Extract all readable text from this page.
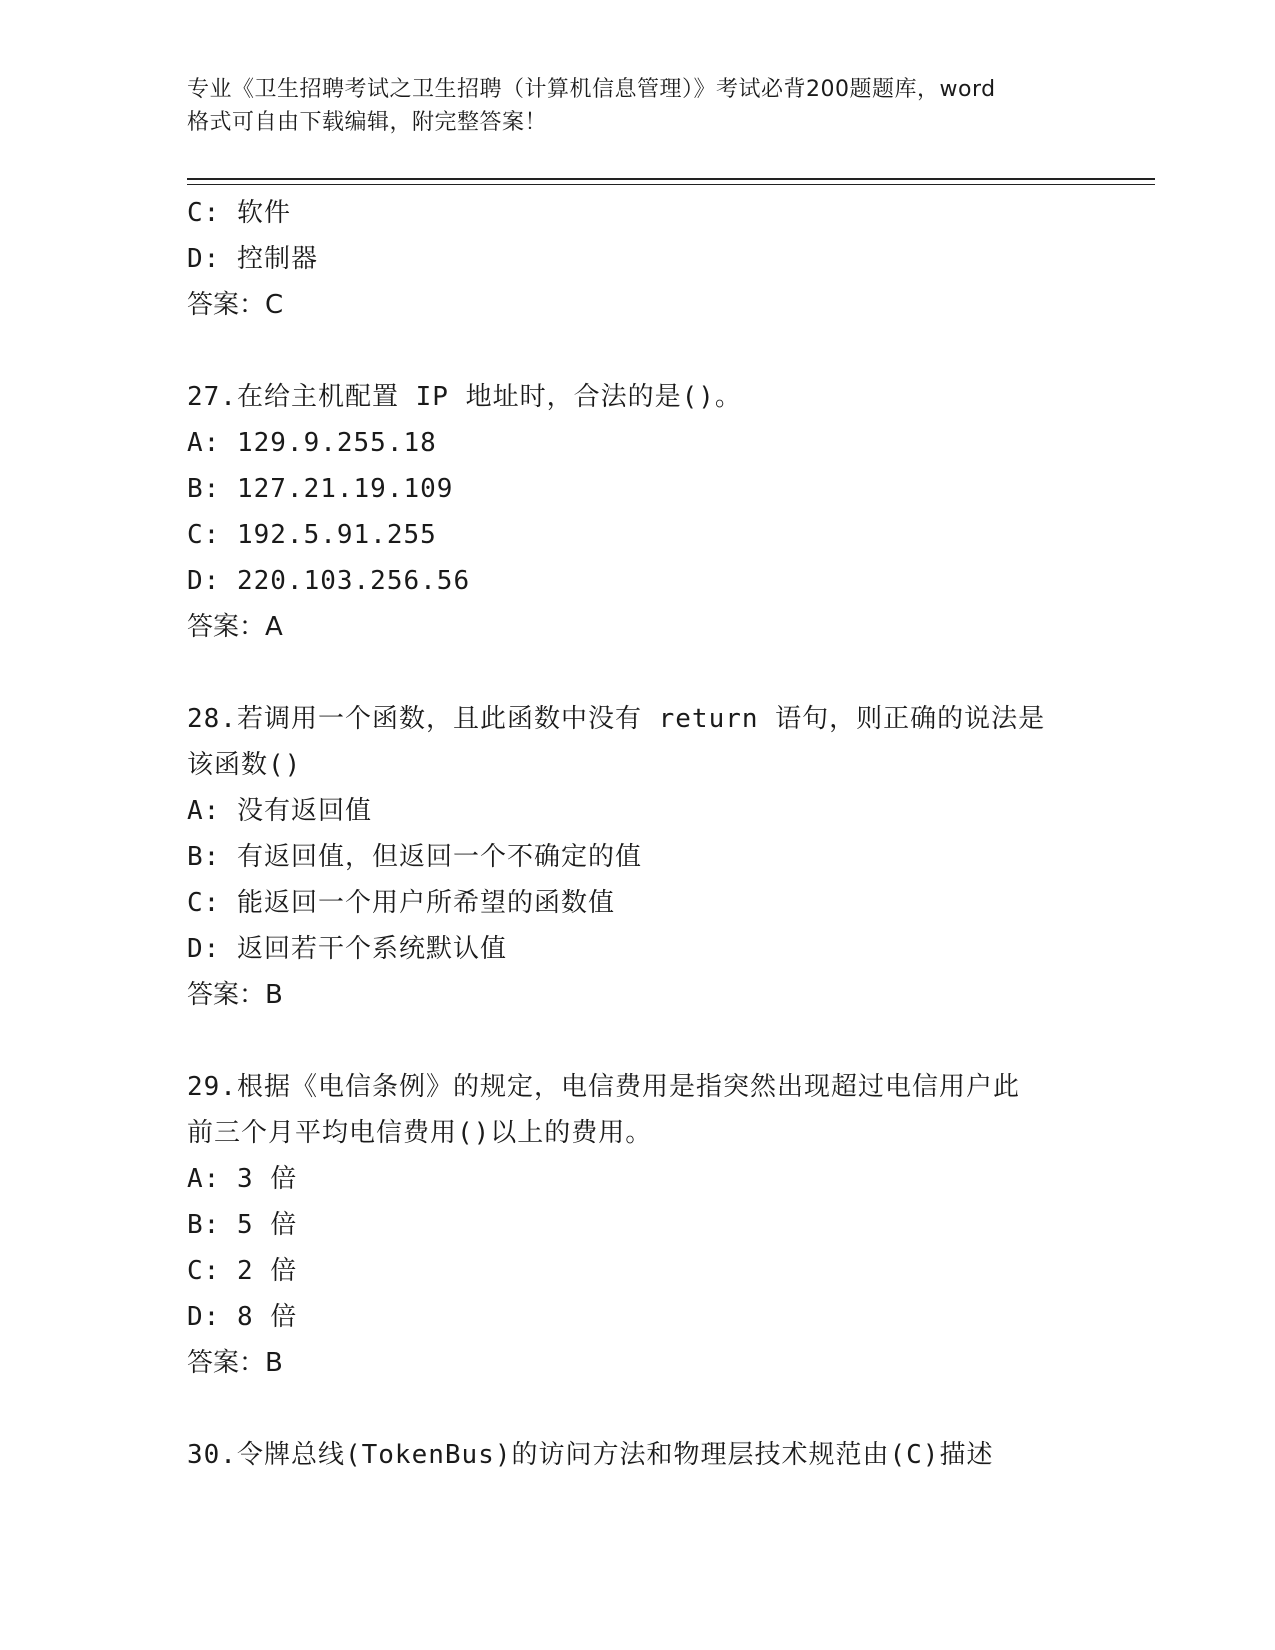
专业《卫生招聘考试之卫生招聘（计算机信息管理）》考试必背200题题库，word
格式可自由下载编辑，附完整答案！
C: 软件
D: 控制器
答案：C
27.在给主机配置 IP 地址时，合法的是()。
A: 129.9.255.18
B: 127.21.19.109
C: 192.5.91.255
D: 220.103.256.56
答案：A
28.若调用一个函数，且此函数中没有 return 语句，则正确的说法是
该函数()
A: 没有返回值
B: 有返回值，但返回一个不确定的值
C: 能返回一个用户所希望的函数值
D: 返回若干个系统默认值
答案：B
29.根据《电信条例》的规定，电信费用是指突然出现超过电信用户此
前三个月平均电信费用()以上的费用。
A: 3 倍
B: 5 倍
C: 2 倍
D: 8 倍
答案：B
30.令牌总线(TokenBus)的访问方法和物理层技术规范由(C)描述
